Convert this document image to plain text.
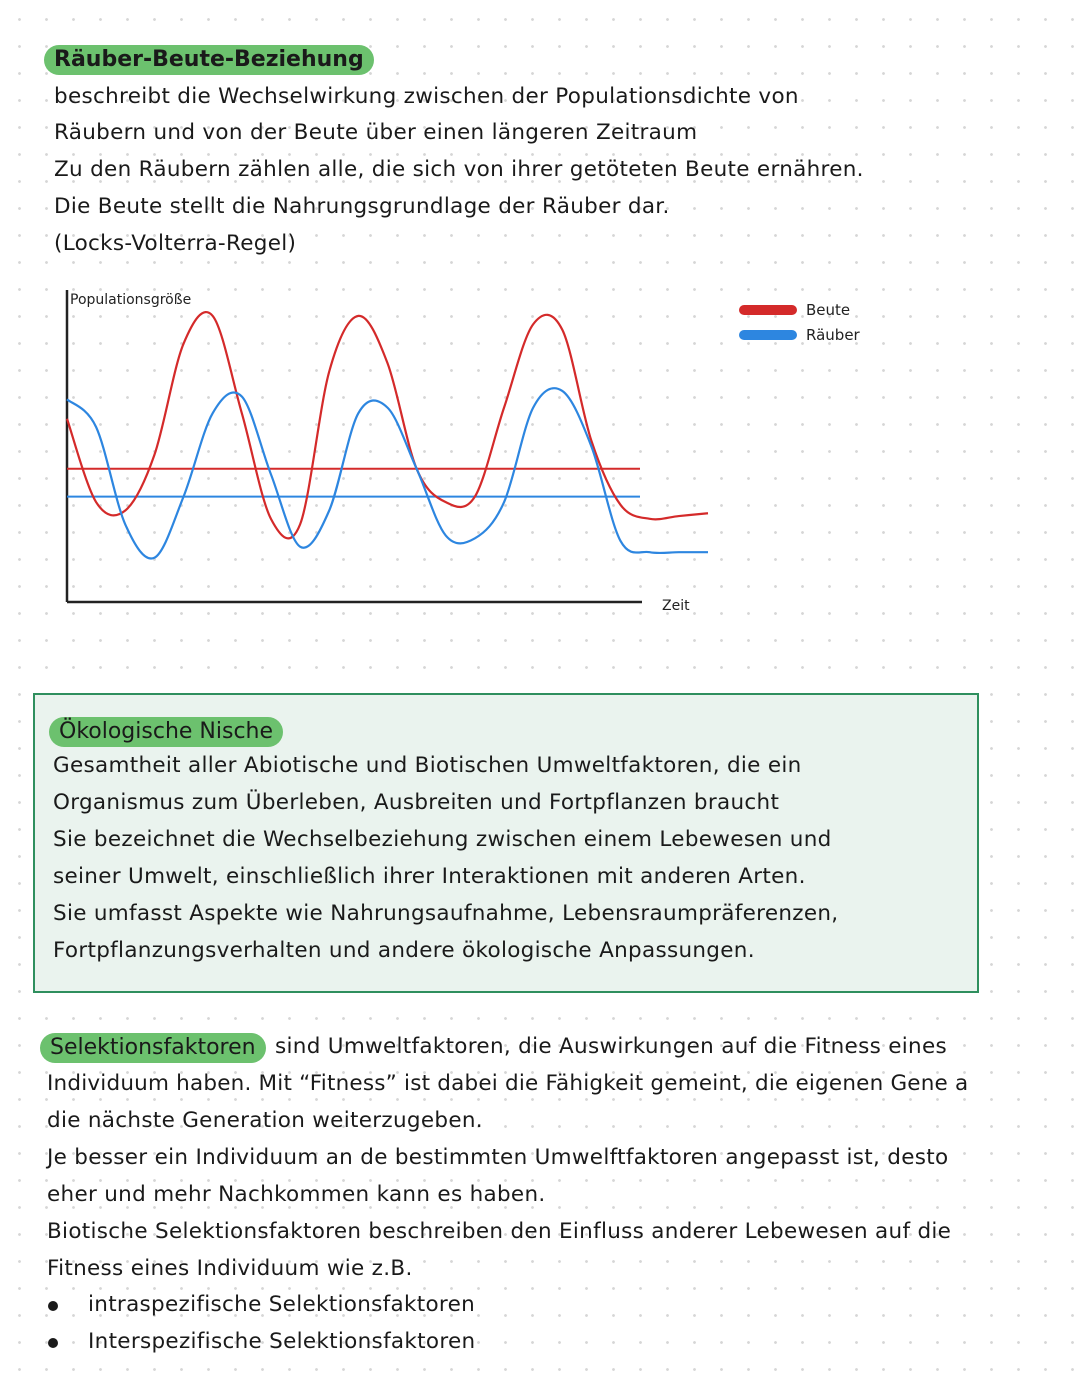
Räuber-Beute-Beziehung
beschreibt die Wechselwirkung zwischen der Populationsdichte von
Räubern und von der Beute über einen längeren Zeitraum
Zu den Räubern zählen alle, die sich von ihrer getöteten Beute ernähren.
Die Beute stellt die Nahrungsgrundlage der Räuber dar.
(Locks-Volterra-Regel)
Populationsgröße
Zeit
Beute
Räuber
Ökologische Nische
Gesamtheit aller Abiotische und Biotischen Umweltfaktoren, die ein
Organismus zum Überleben, Ausbreiten und Fortpflanzen braucht
Sie bezeichnet die Wechselbeziehung zwischen einem Lebewesen und
seiner Umwelt, einschließlich ihrer Interaktionen mit anderen Arten.
Sie umfasst Aspekte wie Nahrungsaufnahme, Lebensraumpräferenzen,
Fortpflanzungsverhalten und andere ökologische Anpassungen.
Selektionsfaktoren sind Umweltfaktoren, die Auswirkungen auf die Fitness eines
Individuum haben. Mit “Fitness” ist dabei die Fähigkeit gemeint, die eigenen Gene a
die nächste Generation weiterzugeben.
Je besser ein Individuum an de bestimmten Umwelftfaktoren angepasst ist, desto
eher und mehr Nachkommen kann es haben.
Biotische Selektionsfaktoren beschreiben den Einfluss anderer Lebewesen auf die
Fitness eines Individuum wie z.B.
intraspezifische Selektionsfaktoren
Interspezifische Selektionsfaktoren
